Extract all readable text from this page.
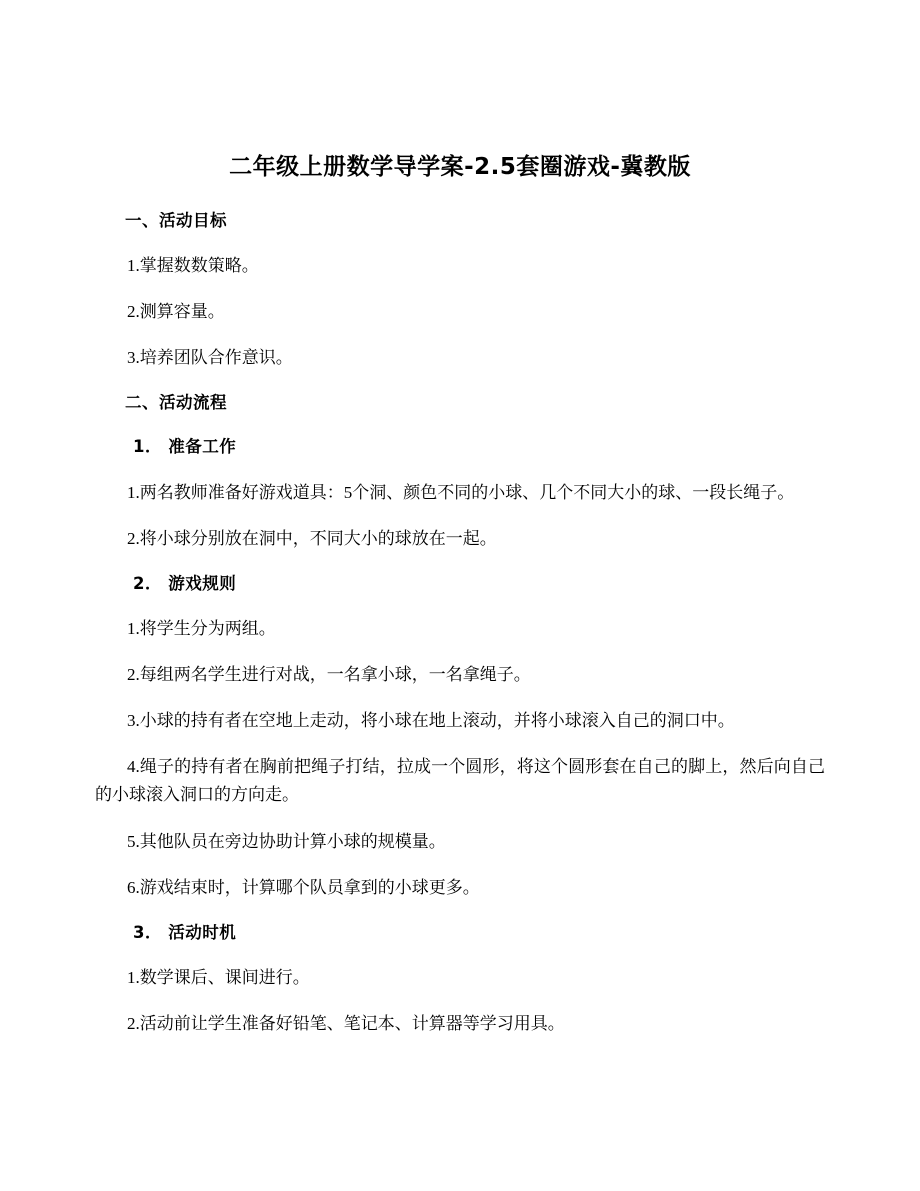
二年级上册数学导学案-2.5套圈游戏-冀教版

一、活动目标

1.掌握数数策略。

2.测算容量。

3.培养团队合作意识。

二、活动流程

1． 准备工作

1.两名教师准备好游戏道具：5个洞、颜色不同的小球、几个不同大小的球、一段长绳子。

2.将小球分别放在洞中，不同大小的球放在一起。

2． 游戏规则

1.将学生分为两组。

2.每组两名学生进行对战，一名拿小球，一名拿绳子。

3.小球的持有者在空地上走动，将小球在地上滚动，并将小球滚入自己的洞口中。

4.绳子的持有者在胸前把绳子打结，拉成一个圆形，将这个圆形套在自己的脚上，然后向自己的小球滚入洞口的方向走。

5.其他队员在旁边协助计算小球的规模量。

6.游戏结束时，计算哪个队员拿到的小球更多。

3． 活动时机

1.数学课后、课间进行。

2.活动前让学生准备好铅笔、笔记本、计算器等学习用具。
